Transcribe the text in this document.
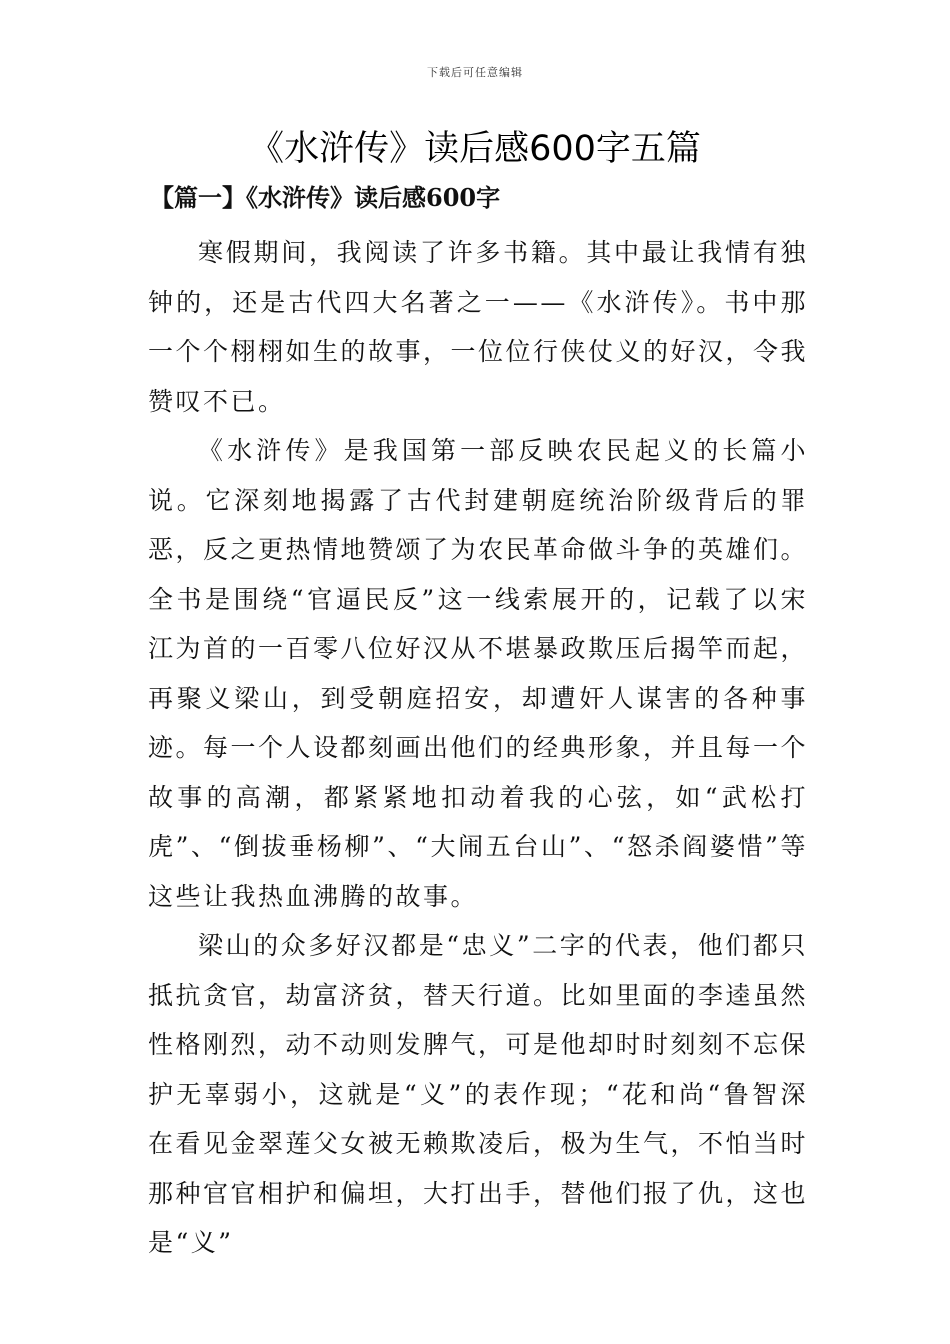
下载后可任意编辑
《水浒传》读后感600字五篇
【篇一】《水浒传》读后感600字

寒假期间，我阅读了许多书籍。其中最让我情有独钟的，还是古代四大名著之一——《水浒传》。书中那一个个栩栩如生的故事，一位位行侠仗义的好汉，令我赞叹不已。

《水浒传》是我国第一部反映农民起义的长篇小说。它深刻地揭露了古代封建朝庭统治阶级背后的罪恶，反之更热情地赞颂了为农民革命做斗争的英雄们。全书是围绕“官逼民反”这一线索展开的，记载了以宋江为首的一百零八位好汉从不堪暴政欺压后揭竿而起，再聚义梁山，到受朝庭招安，却遭奸人谋害的各种事迹。每一个人设都刻画出他们的经典形象，并且每一个故事的高潮，都紧紧地扣动着我的心弦，如“武松打虎”、“倒拔垂杨柳”、“大闹五台山”、“怒杀阎婆惜”等这些让我热血沸腾的故事。

梁山的众多好汉都是“忠义”二字的代表，他们都只抵抗贪官，劫富济贫，替天行道。比如里面的李逵虽然性格刚烈，动不动则发脾气，可是他却时时刻刻不忘保护无辜弱小，这就是“义”的表作现；“花和尚“鲁智深在看见金翠莲父女被无赖欺凌后，极为生气，不怕当时那种官官相护和偏坦，大打出手，替他们报了仇，这也是“义”
